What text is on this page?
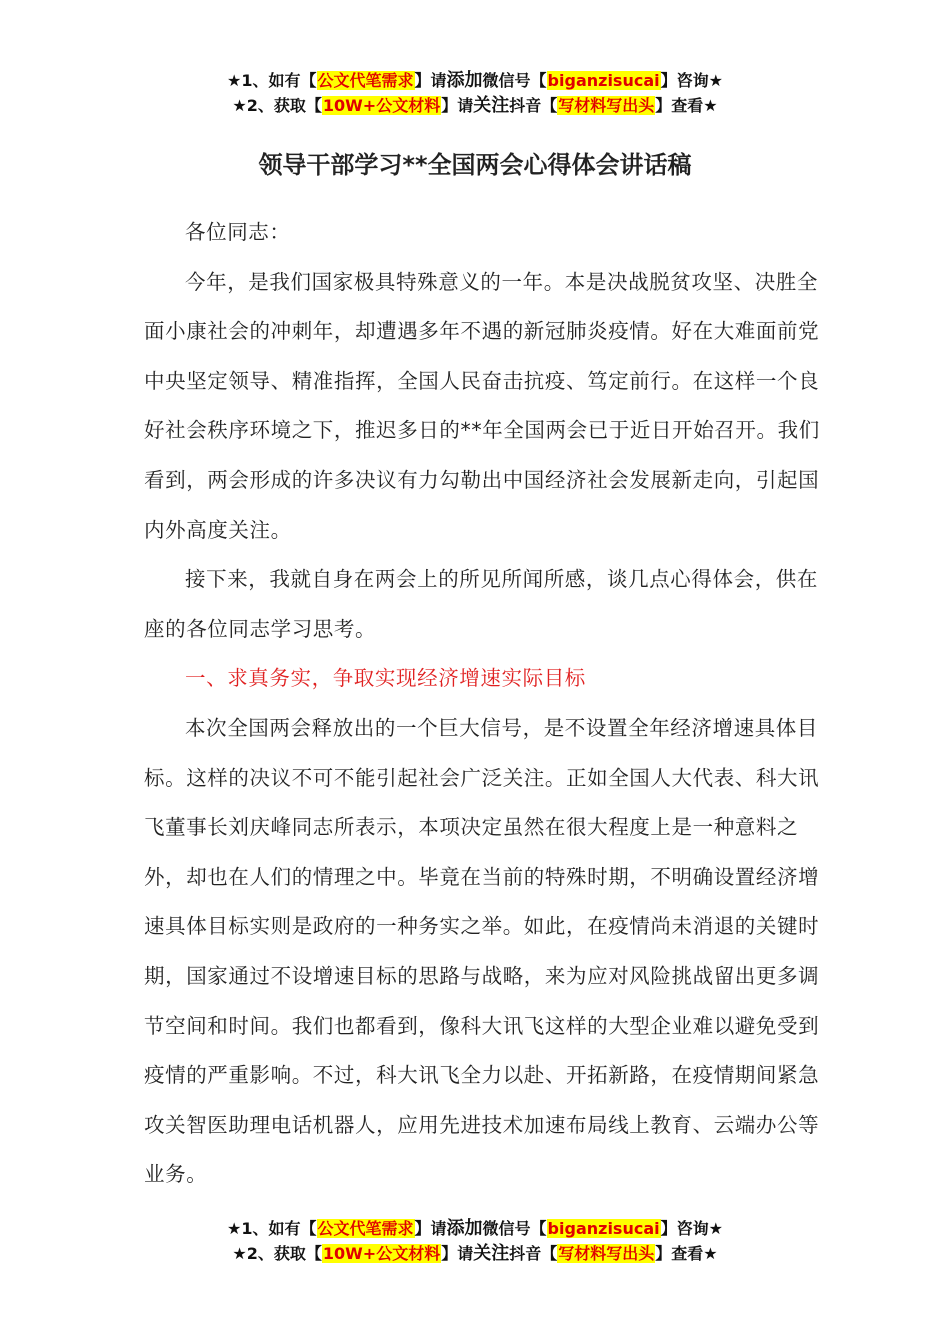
★1、如有【公文代笔需求】请添加微信号【biganzisucai】咨询★
★2、获取【10W+公文材料】请关注抖音【写材料写出头】查看★
领导干部学习**全国两会心得体会讲话稿

各位同志：

今年，是我们国家极具特殊意义的一年。本是决战脱贫攻坚、决胜全面小康社会的冲刺年，却遭遇多年不遇的新冠肺炎疫情。好在大难面前党中央坚定领导、精准指挥，全国人民奋击抗疫、笃定前行。在这样一个良好社会秩序环境之下，推迟多日的**年全国两会已于近日开始召开。我们看到，两会形成的许多决议有力勾勒出中国经济社会发展新走向，引起国内外高度关注。

接下来，我就自身在两会上的所见所闻所感，谈几点心得体会，供在座的各位同志学习思考。

一、求真务实，争取实现经济增速实际目标

本次全国两会释放出的一个巨大信号，是不设置全年经济增速具体目标。这样的决议不可不能引起社会广泛关注。正如全国人大代表、科大讯飞董事长刘庆峰同志所表示，本项决定虽然在很大程度上是一种意料之外，却也在人们的情理之中。毕竟在当前的特殊时期，不明确设置经济增速具体目标实则是政府的一种务实之举。如此，在疫情尚未消退的关键时期，国家通过不设增速目标的思路与战略，来为应对风险挑战留出更多调节空间和时间。我们也都看到，像科大讯飞这样的大型企业难以避免受到疫情的严重影响。不过，科大讯飞全力以赴、开拓新路，在疫情期间紧急攻关智医助理电话机器人，应用先进技术加速布局线上教育、云端办公等业务。

★1、如有【公文代笔需求】请添加微信号【biganzisucai】咨询★
★2、获取【10W+公文材料】请关注抖音【写材料写出头】查看★
